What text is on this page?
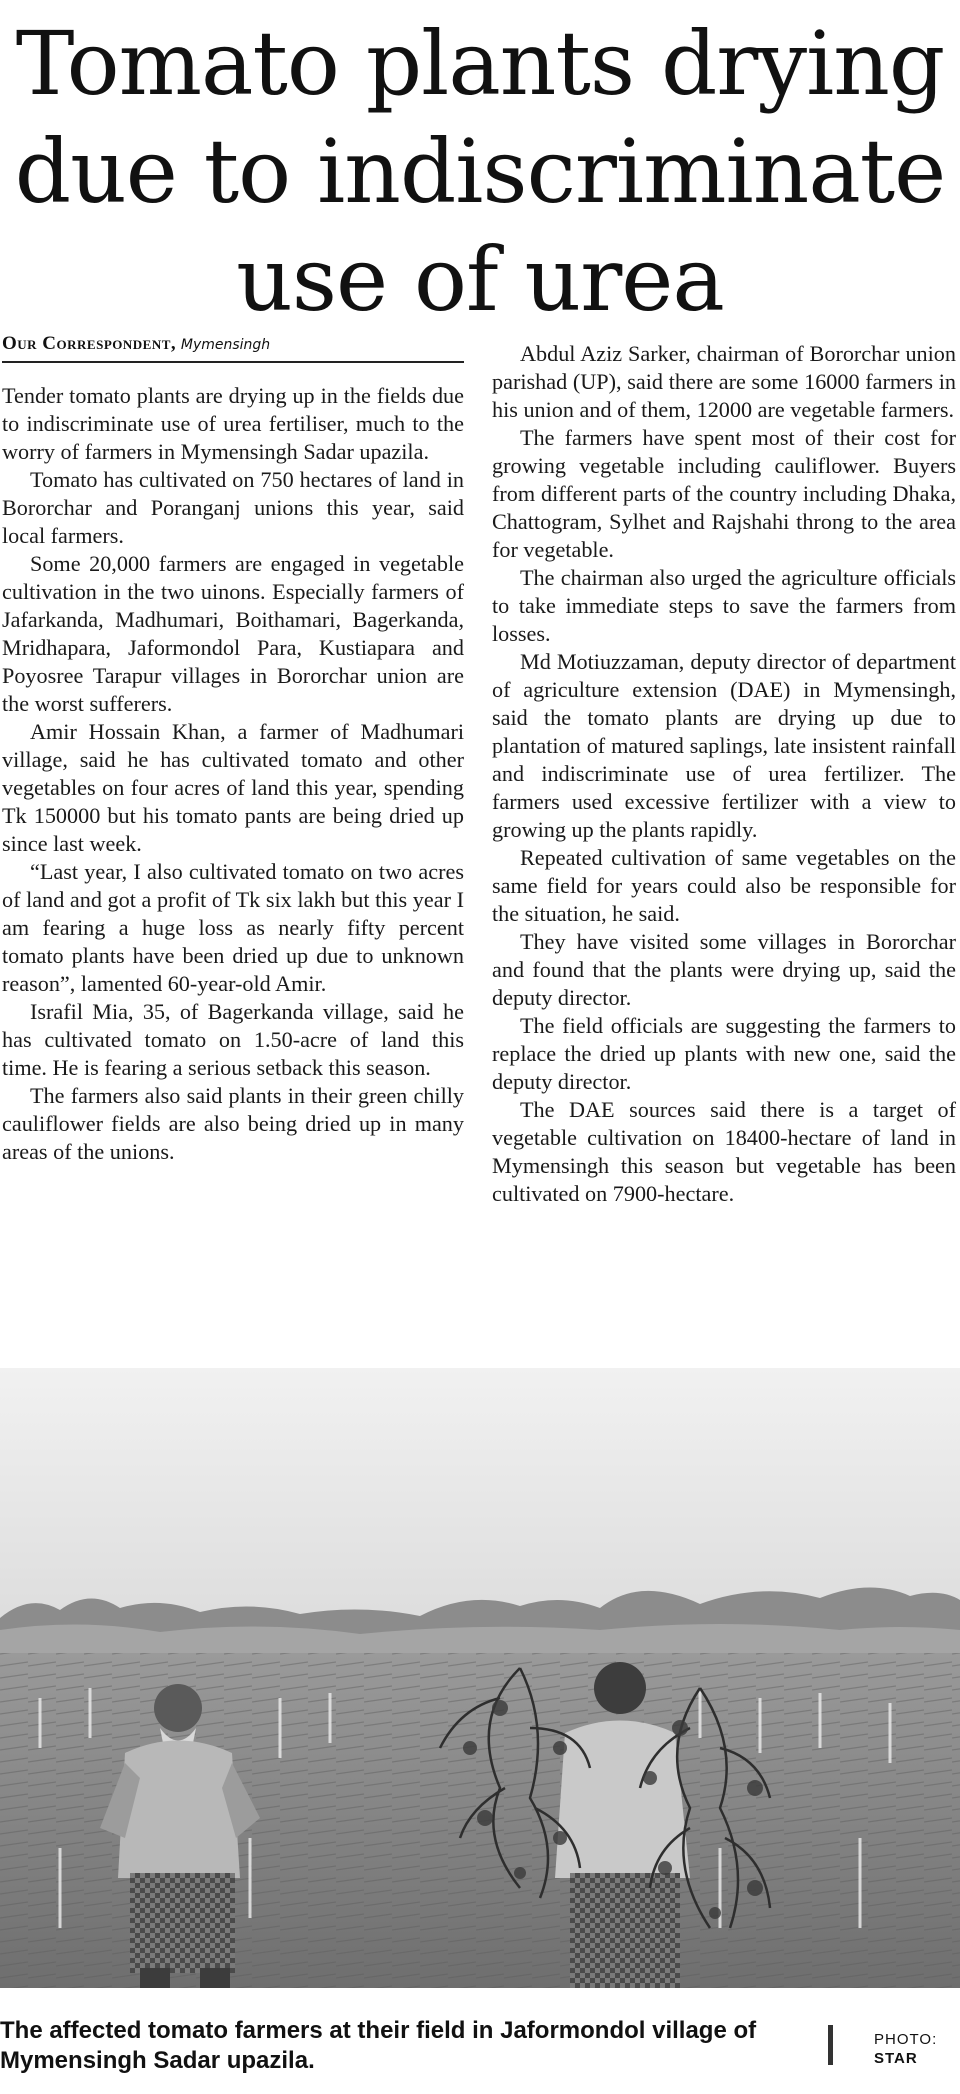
Tomato plants drying
due to indiscriminate
use of urea
Our Correspondent, Mymensingh

Tender tomato plants are drying up in the fields due to indiscriminate use of urea fertiliser, much to the worry of farmers in Mymensingh Sadar upazila.

Tomato has cultivated on 750 hectares of land in Bororchar and Poranganj unions this year, said local farmers.

Some 20,000 farmers are engaged in vegetable cultivation in the two uinons. Especially farmers of Jafarkanda, Madhumari, Boithamari, Bagerkanda, Mridhapara, Jaformondol Para, Kustiapara and Poyosree Tarapur villages in Bororchar union are the worst sufferers.

Amir Hossain Khan, a farmer of Madhumari village, said he has cultivated tomato and other vegetables on four acres of land this year, spending Tk 150000 but his tomato pants are being dried up since last week.

“Last year, I also cultivated tomato on two acres of land and got a profit of Tk six lakh but this year I am fearing a huge loss as nearly fifty percent tomato plants have been dried up due to unknown reason”, lamented 60-year-old Amir.

Israfil Mia, 35, of Bagerkanda village, said he has cultivated tomato on 1.50-acre of land this time. He is fearing a serious setback this season.

The farmers also said plants in their green chilly cauliflower fields are also being dried up in many areas of the unions.

Abdul Aziz Sarker, chairman of Bororchar union parishad (UP), said there are some 16000 farmers in his union and of them, 12000 are vegetable farmers.

The farmers have spent most of their cost for growing vegetable including cauliflower. Buyers from different parts of the country including Dhaka, Chattogram, Sylhet and Rajshahi throng to the area for vegetable.

The chairman also urged the agriculture officials to take immediate steps to save the farmers from losses.

Md Motiuzzaman, deputy director of department of agriculture extension (DAE) in Mymensingh, said the tomato plants are drying up due to plantation of matured saplings, late insistent rainfall and indiscriminate use of urea fertilizer. The farmers used excessive fertilizer with a view to growing up the plants rapidly.

Repeated cultivation of same vegetables on the same field for years could also be responsible for the situation, he said.

They have visited some villages in Bororchar and found that the plants were drying up, said the deputy director.

The field officials are suggesting the farmers to replace the dried up plants with new one, said the deputy director.

The DAE sources said there is a target of vegetable cultivation on 18400-hectare of land in Mymensingh this season but vegetable has been cultivated on 7900-hectare.

The affected tomato farmers at their field in Jaformondol village of Mymensingh Sadar upazila.
PHOTO:
STAR
